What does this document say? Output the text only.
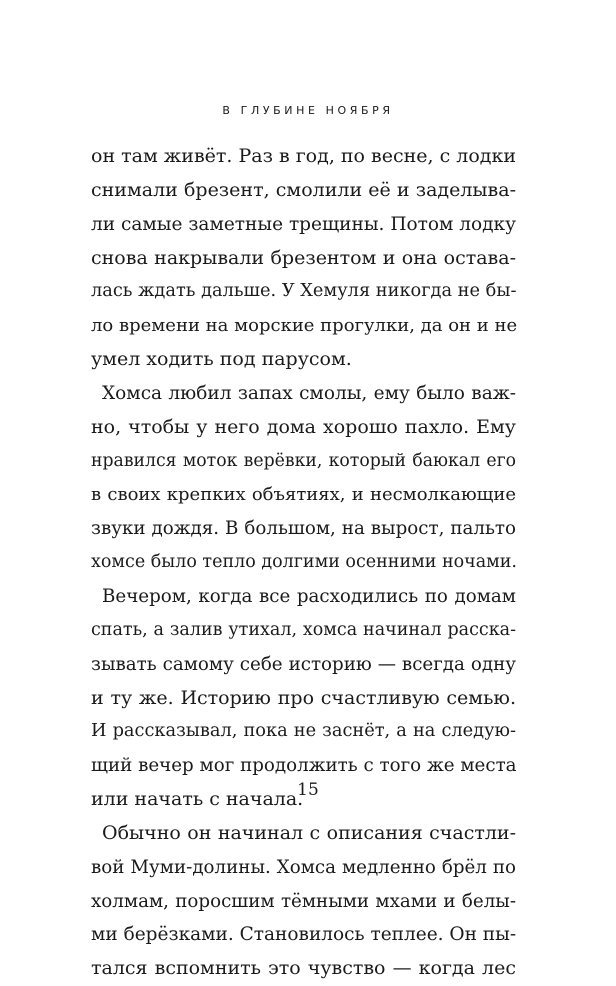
В ГЛУБИНЕ НОЯБРЯ
он там живёт. Раз в год, по весне, с лодки
снимали брезент, смолили её и заделыва-
ли самые заметные трещины. Потом лодку
снова накрывали брезентом и она остава-
лась ждать дальше. У Хемуля никогда не бы-
ло времени на морские прогулки, да он и не
умел ходить под парусом.
Хомса любил запах смолы, ему было важ-
но, чтобы у него дома хорошо пахло. Ему
нравился моток верёвки, который баюкал его
в своих крепких объятиях, и несмолкающие
звуки дождя. В большом, на вырост, пальто
хомсе было тепло долгими осенними ночами.
Вечером, когда все расходились по домам
спать, а залив утихал, хомса начинал расска-
зывать самому себе историю — всегда одну
и ту же. Историю про счастливую семью.
И рассказывал, пока не заснёт, а на следую-
щий вечер мог продолжить с того же места
или начать с начала.
Обычно он начинал с описания счастли-
вой Муми-долины. Хомса медленно брёл по
холмам, поросшим тёмными мхами и белы-
ми берёзками. Становилось теплее. Он пы-
тался вспомнить это чувство — когда лес
15
